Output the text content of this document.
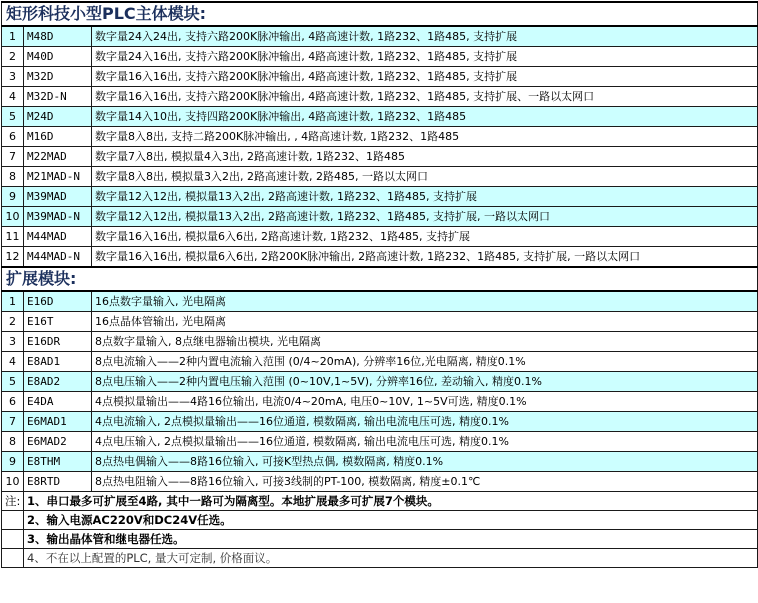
矩形科技小型PLC主体模块:		
1	M48D	数字量24入24出, 支持六路200K脉冲输出, 4路高速计数, 1路232、1路485, 支持扩展
2	M40D	数字量24入16出, 支持六路200K脉冲输出, 4路高速计数, 1路232、1路485, 支持扩展
3	M32D	数字量16入16出, 支持六路200K脉冲输出, 4路高速计数, 1路232、1路485, 支持扩展
4	M32D-N	数字量16入16出, 支持六路200K脉冲输出, 4路高速计数, 1路232、1路485, 支持扩展、一路以太网口
5	M24D	数字量14入10出, 支持四路200K脉冲输出, 4路高速计数, 1路232、1路485
6	M16D	数字量8入8出, 支持二路200K脉冲输出, , 4路高速计数, 1路232、1路485
7	M22MAD	数字量7入8出, 模拟量4入3出, 2路高速计数, 1路232、1路485
8	M21MAD-N	数字量8入8出, 模拟量3入2出, 2路高速计数, 2路485, 一路以太网口
9	M39MAD	数字量12入12出, 模拟量13入2出, 2路高速计数, 1路232、1路485, 支持扩展
10	M39MAD-N	数字量12入12出, 模拟量13入2出, 2路高速计数, 1路232、1路485, 支持扩展, 一路以太网口
11	M44MAD	数字量16入16出, 模拟量6入6出, 2路高速计数, 1路232、1路485, 支持扩展
12	M44MAD-N	数字量16入16出, 模拟量6入6出, 2路200K脉冲输出, 2路高速计数, 1路232、1路485, 支持扩展, 一路以太网口
扩展模块:		
1	E16D	16点数字量输入, 光电隔离
2	E16T	16点晶体管输出, 光电隔离
3	E16DR	8点数字量输入, 8点继电器输出模块, 光电隔离
4	E8AD1	8点电流输入——2种内置电流输入范围 (0/4~20mA), 分辨率16位,光电隔离, 精度0.1%
5	E8AD2	8点电压输入——2种内置电压输入范围 (0~10V,1~5V), 分辨率16位, 差动输入, 精度0.1%
6	E4DA	4点模拟量输出——4路16位输出, 电流0/4~20mA, 电压0~10V, 1~5V可选, 精度0.1%
7	E6MAD1	4点电流输入, 2点模拟量输出——16位通道, 模数隔离, 输出电流电压可选, 精度0.1%
8	E6MAD2	4点电压输入, 2点模拟量输出——16位通道, 模数隔离, 输出电流电压可选, 精度0.1%
9	E8THM	8点热电偶输入——8路16位输入, 可接K型热点偶, 模数隔离, 精度0.1%
10	E8RTD	8点热电阻输入——8路16位输入, 可接3线制的PT-100, 模数隔离, 精度±0.1℃
注:	1、串口最多可扩展至4路, 其中一路可为隔离型。本地扩展最多可扩展7个模块。	
	2、输入电源AC220V和DC24V任选。	
	3、输出晶体管和继电器任选。	
	4、不在以上配置的PLC, 量大可定制, 价格面议。	
